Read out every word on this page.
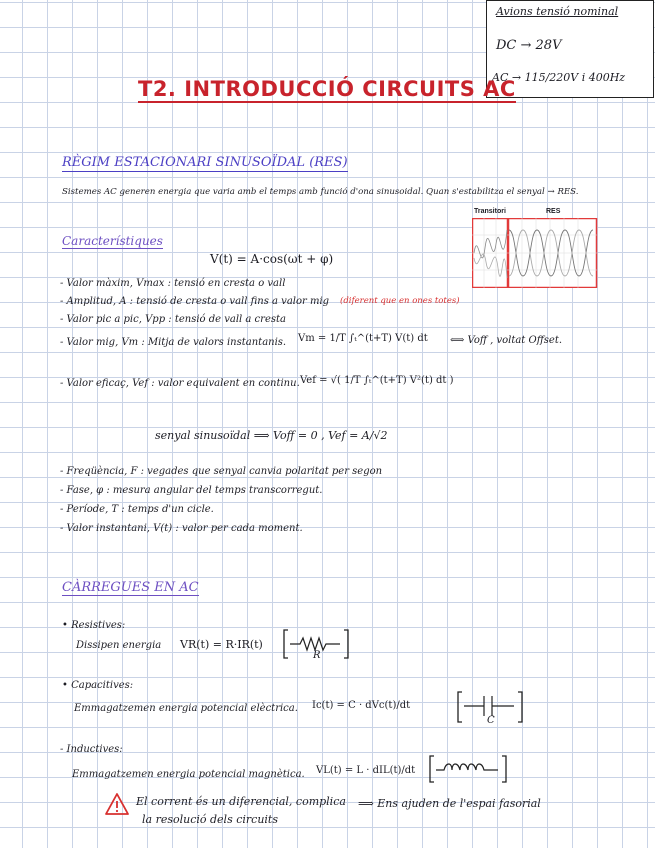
Avions tensió nominal
DC → 28V
AC → 115/220V i 400Hz
T2. INTRODUCCIÓ CIRCUITS AC
RÈGIM ESTACIONARI SINUSOÏDAL (RES)
Sistemes AC generen energia que varia amb el temps amb funció d'ona sinusoidal. Quan s'estabilitza el senyal → RES.
Transitori	RES
Característiques
V(t) = A·cos(ωt + φ)
- Valor màxim, Vmax : tensió en cresta o vall
- Amplitud, A : tensió de cresta o vall fins a valor mig (diferent que en ones totes)
- Valor pic a pic, Vpp : tensió de vall a cresta
- Valor mig, Vm : Mitja de valors instantanis. Vm = 1/T ∫ₜ^(t+T) V(t) dt ⟺ Voff , voltat Offset.
- Valor eficaç, Vef : valor equivalent en continu. Vef = √( 1/T ∫ₜ^(t+T) V²(t) dt )
senyal sinusoïdal ⟹ Voff = 0 , Vef = A/√2
- Freqüència, F : vegades que senyal canvia polaritat per segon
- Fase, φ : mesura angular del temps transcorregut.
- Període, T : temps d'un cicle.
- Valor instantani, V(t) : valor per cada moment.
CÀRREGUES EN AC
• Resistives:
Dissipen energia VR(t) = R·IR(t)
R
• Capacitives:
Emmagatzemen energia potencial elèctrica. Ic(t) = C · dVc(t)/dt
C
- Inductives:
Emmagatzemen energia potencial magnètica. VL(t) = L · dIL(t)/dt
El corrent és un diferencial, complica
la resolució dels circuits
⟹ Ens ajuden de l'espai fasorial
